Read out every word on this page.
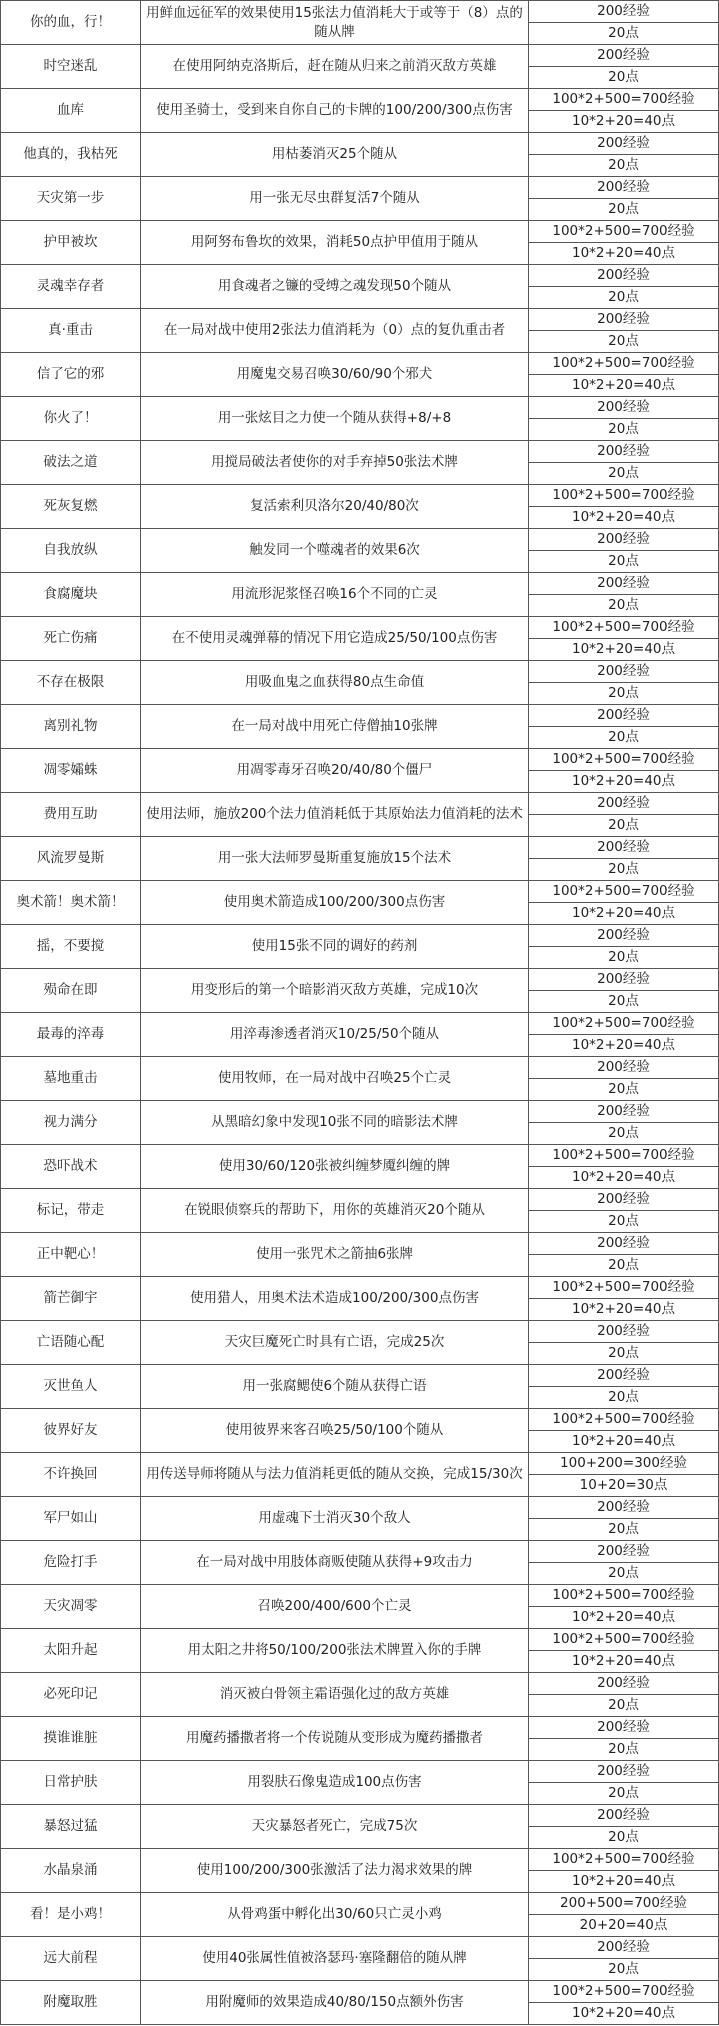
你的血，行！	用鲜血远征军的效果使用15张法力值消耗大于或等于（8）点的随从牌	200经验
		20点
时空迷乱	在使用阿纳克洛斯后，赶在随从归来之前消灭敌方英雄	200经验
		20点
血库	使用圣骑士，受到来自你自己的卡牌的100/200/300点伤害	100*2+500=700经验
		10*2+20=40点
他真的，我枯死	用枯萎消灭25个随从	200经验
		20点
天灾第一步	用一张无尽虫群复活7个随从	200经验
		20点
护甲被坎	用阿努布鲁坎的效果，消耗50点护甲值用于随从	100*2+500=700经验
		10*2+20=40点
灵魂幸存者	用食魂者之镰的受缚之魂发现50个随从	200经验
		20点
真·重击	在一局对战中使用2张法力值消耗为（0）点的复仇重击者	200经验
		20点
信了它的邪	用魔鬼交易召唤30/60/90个邪犬	100*2+500=700经验
		10*2+20=40点
你火了！	用一张炫目之力使一个随从获得+8/+8	200经验
		20点
破法之道	用搅局破法者使你的对手弃掉50张法术牌	200经验
		20点
死灰复燃	复活索利贝洛尔20/40/80次	100*2+500=700经验
		10*2+20=40点
自我放纵	触发同一个噬魂者的效果6次	200经验
		20点
食腐魔块	用流形泥浆怪召唤16个不同的亡灵	200经验
		20点
死亡伤痛	在不使用灵魂弹幕的情况下用它造成25/50/100点伤害	100*2+500=700经验
		10*2+20=40点
不存在极限	用吸血鬼之血获得80点生命值	200经验
		20点
离别礼物	在一局对战中用死亡侍僧抽10张牌	200经验
		20点
凋零孀蛛	用凋零毒牙召唤20/40/80个僵尸	100*2+500=700经验
		10*2+20=40点
费用互助	使用法师，施放200个法力值消耗低于其原始法力值消耗的法术	200经验
		20点
风流罗曼斯	用一张大法师罗曼斯重复施放15个法术	200经验
		20点
奥术箭！奥术箭！	使用奥术箭造成100/200/300点伤害	100*2+500=700经验
		10*2+20=40点
摇，不要搅	使用15张不同的调好的药剂	200经验
		20点
殒命在即	用变形后的第一个暗影消灭敌方英雄，完成10次	200经验
		20点
最毒的淬毒	用淬毒渗透者消灭10/25/50个随从	100*2+500=700经验
		10*2+20=40点
墓地重击	使用牧师，在一局对战中召唤25个亡灵	200经验
		20点
视力满分	从黑暗幻象中发现10张不同的暗影法术牌	200经验
		20点
恐吓战术	使用30/60/120张被纠缠梦魇纠缠的牌	100*2+500=700经验
		10*2+20=40点
标记，带走	在锐眼侦察兵的帮助下，用你的英雄消灭20个随从	200经验
		20点
正中靶心！	使用一张咒术之箭抽6张牌	200经验
		20点
箭芒御宇	使用猎人，用奥术法术造成100/200/300点伤害	100*2+500=700经验
		10*2+20=40点
亡语随心配	天灾巨魔死亡时具有亡语，完成25次	200经验
		20点
灭世鱼人	用一张腐鳃使6个随从获得亡语	200经验
		20点
彼界好友	使用彼界来客召唤25/50/100个随从	100*2+500=700经验
		10*2+20=40点
不许换回	用传送导师将随从与法力值消耗更低的随从交换，完成15/30次	100+200=300经验
		10+20=30点
军尸如山	用虚魂下士消灭30个敌人	200经验
		20点
危险打手	在一局对战中用肢体商贩使随从获得+9攻击力	200经验
		20点
天灾凋零	召唤200/400/600个亡灵	100*2+500=700经验
		10*2+20=40点
太阳升起	用太阳之井将50/100/200张法术牌置入你的手牌	100*2+500=700经验
		10*2+20=40点
必死印记	消灭被白骨领主霜语强化过的敌方英雄	200经验
		20点
摸谁谁脏	用魔药播撒者将一个传说随从变形成为魔药播撒者	200经验
		20点
日常护肤	用裂肤石像鬼造成100点伤害	200经验
		20点
暴怒过猛	天灾暴怒者死亡，完成75次	200经验
		20点
水晶泉涌	使用100/200/300张激活了法力渴求效果的牌	100*2+500=700经验
		10*2+20=40点
看！是小鸡！	从骨鸡蛋中孵化出30/60只亡灵小鸡	200+500=700经验
		20+20=40点
远大前程	使用40张属性值被洛瑟玛·塞隆翻倍的随从牌	200经验
		20点
附魔取胜	用附魔师的效果造成40/80/150点额外伤害	100*2+500=700经验
		10*2+20=40点
